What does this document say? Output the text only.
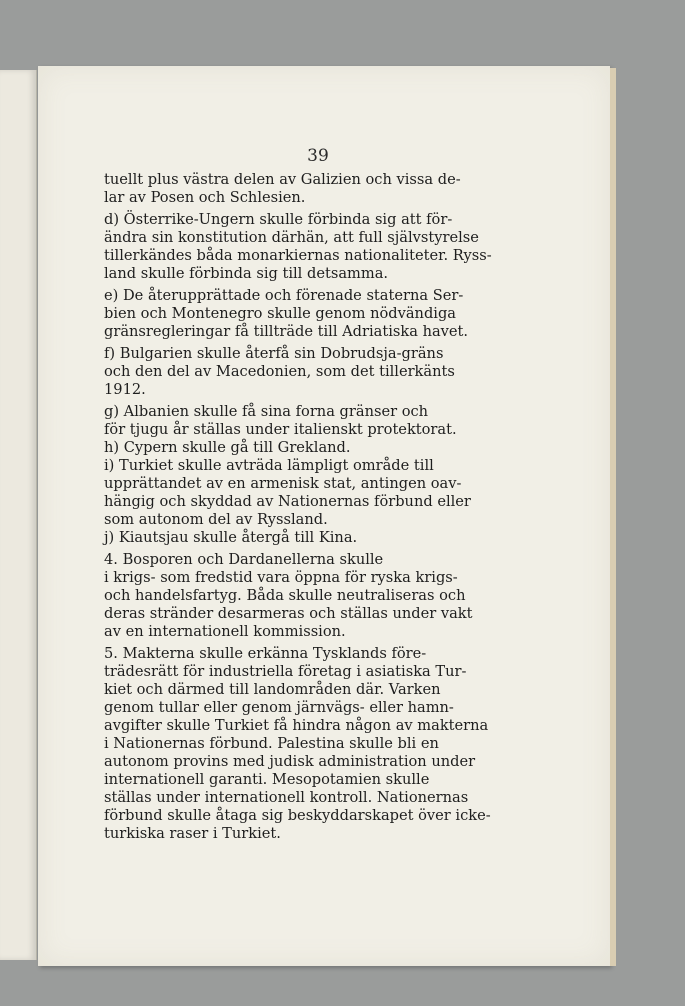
39
tuellt plus västra delen av Galizien och vissa de-
lar av Posen och Schlesien.
d) Österrike-Ungern skulle förbinda sig att för-
ändra sin konstitution därhän, att full självstyrelse
tillerkändes båda monarkiernas nationaliteter. Ryss-
land skulle förbinda sig till detsamma.
e) De återupprättade och förenade staterna Ser-
bien och Montenegro skulle genom nödvändiga
gränsregleringar få tillträde till Adriatiska havet.
f) Bulgarien skulle återfå sin Dobrudsja-gräns
och den del av Macedonien, som det tillerkänts
1912.
g) Albanien skulle få sina forna gränser och
för tjugu år ställas under italienskt protektorat.
h) Cypern skulle gå till Grekland.
i) Turkiet skulle avträda lämpligt område till
upprättandet av en armenisk stat, antingen oav-
hängig och skyddad av Nationernas förbund eller
som autonom del av Ryssland.
j) Kiautsjau skulle återgå till Kina.
4. Bosporen och Dardanellerna skulle
i krigs- som fredstid vara öppna för ryska krigs-
och handelsfartyg. Båda skulle neutraliseras och
deras stränder desarmeras och ställas under vakt
av en internationell kommission.
5. Makterna skulle erkänna Tysklands före-
trädesrätt för industriella företag i asiatiska Tur-
kiet och därmed till landområden där. Varken
genom tullar eller genom järnvägs- eller hamn-
avgifter skulle Turkiet få hindra någon av makterna
i Nationernas förbund. Palestina skulle bli en
autonom provins med judisk administration under
internationell garanti. Mesopotamien skulle
ställas under internationell kontroll. Nationernas
förbund skulle åtaga sig beskyddarskapet över icke-
turkiska raser i Turkiet.
